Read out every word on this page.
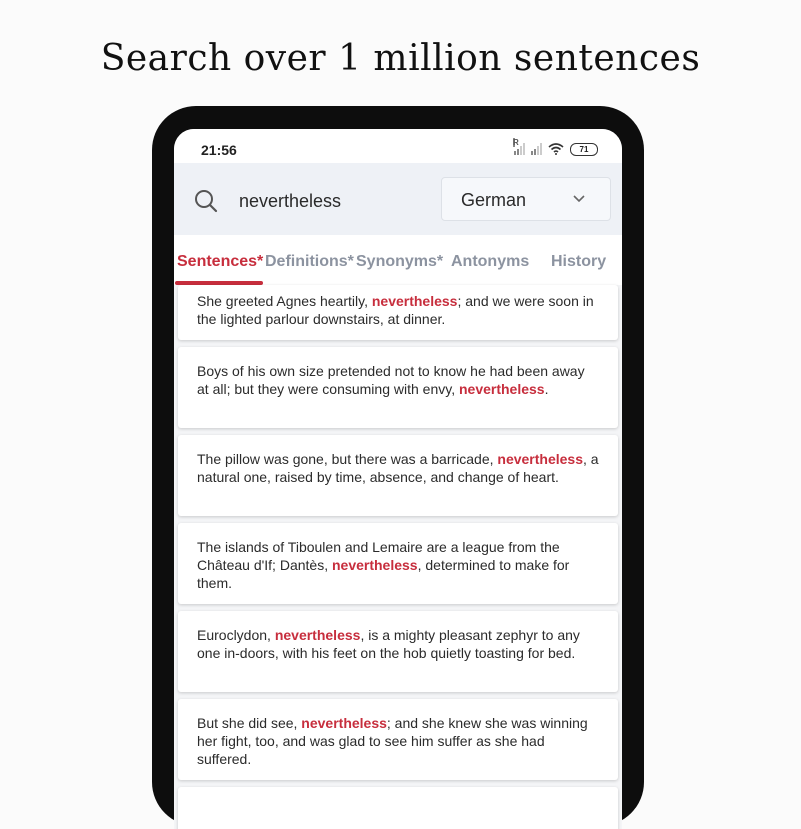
Search over 1 million sentences
21:56	R
71
nevertheless	German
Sentences* Definitions* Synonyms* Antonyms History

She greeted Agnes heartily, nevertheless; and we were soon in the lighted parlour downstairs, at dinner.

Boys of his own size pretended not to know he had been away at all; but they were consuming with envy, nevertheless.

The pillow was gone, but there was a barricade, nevertheless, a natural one, raised by time, absence, and change of heart.

The islands of Tiboulen and Lemaire are a league from the Château d'If; Dantès, nevertheless, determined to make for them.

Euroclydon, nevertheless, is a mighty pleasant zephyr to any one in-doors, with his feet on the hob quietly toasting for bed.

But she did see, nevertheless; and she knew she was winning her fight, too, and was glad to see him suffer as she had suffered.
